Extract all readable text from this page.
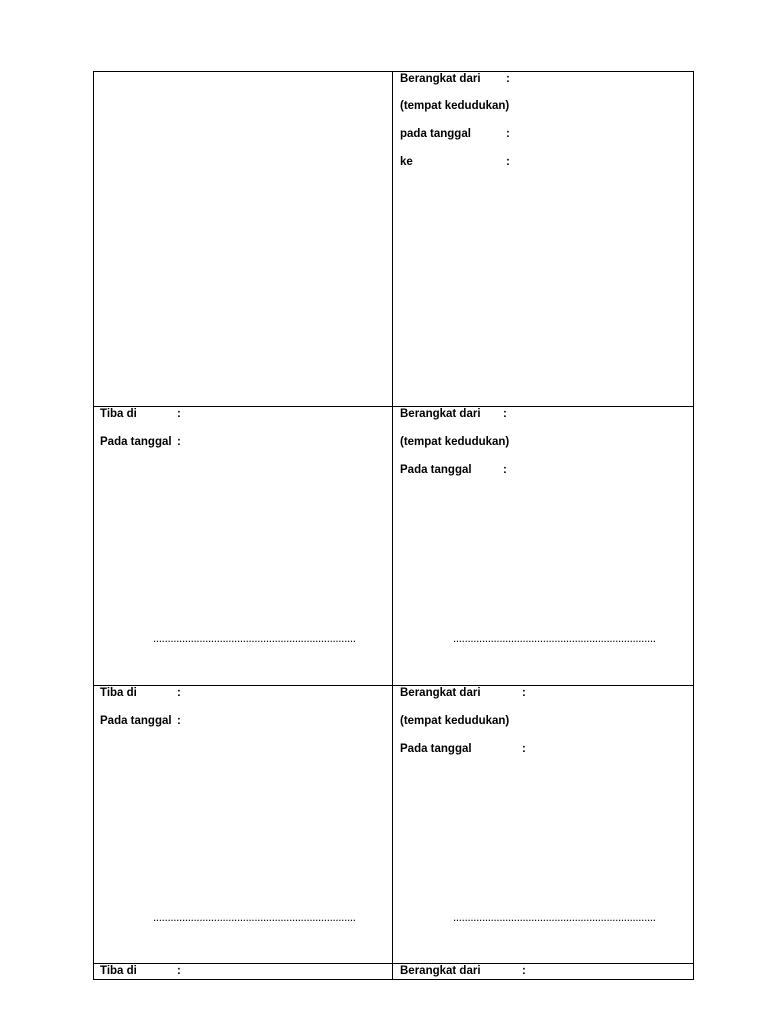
Berangkat dari :
(tempat kedudukan)
pada tanggal	:
ke	:
Tiba di	:
Pada tanggal :
......................................................................
Berangkat dari :
(tempat kedudukan)
Pada tanggal	:
......................................................................
Tiba di	:
Pada tanggal :
......................................................................
Berangkat dari	:
(tempat kedudukan)
Pada tanggal	:
......................................................................
Tiba di	:	Berangkat dari	:
